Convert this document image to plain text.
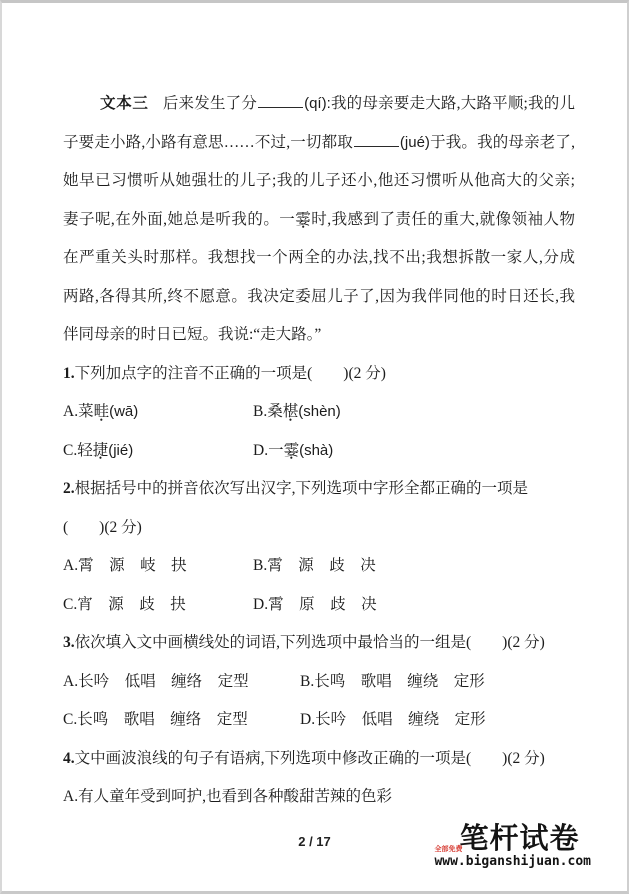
文本三 后来发生了分	(qí):我的母亲要走大路,大路平顺;我的儿
子要走小路,小路有意思……不过,一切都取	(jué)于我。我的母亲老了,
她早已习惯听从她强壮的儿子;我的儿子还小,他还习惯听从他高大的父亲;
妻子呢,在外面,她总是听我的。一霎时,我感到了责任的重大,就像领袖人物
在严重关头时那样。我想找一个两全的办法,找不出;我想拆散一家人,分成
两路,各得其所,终不愿意。我决定委屈儿子了,因为我伴同他的时日还长,我
伴同母亲的时日已短。我说:“走大路。”
1.下列加点字的注音不正确的一项是(　　)(2 分)
A.菜畦(wā)	B.桑椹(shèn)
C.轻捷(jié)	D.一霎(shà)
2.根据括号中的拼音依次写出汉字,下列选项中字形全都正确的一项是
(　　)(2 分)
A.霄　源　岐　抉	B.霄　源　歧　决
C.宵　源　歧　抉	D.霄　原　歧　决
3.依次填入文中画横线处的词语,下列选项中最恰当的一组是(　　)(2 分)
A.长吟　低唱　缠络　定型	B.长鸣　歌唱　缠绕　定形
C.长鸣　歌唱　缠络　定型	D.长吟　低唱　缠绕　定形
4.文中画波浪线的句子有语病,下列选项中修改正确的一项是(　　)(2 分)
A.有人童年受到呵护,也看到各种酸甜苦辣的色彩
2 / 17	笔杆试卷
全部免费
www.biganshijuan.com
